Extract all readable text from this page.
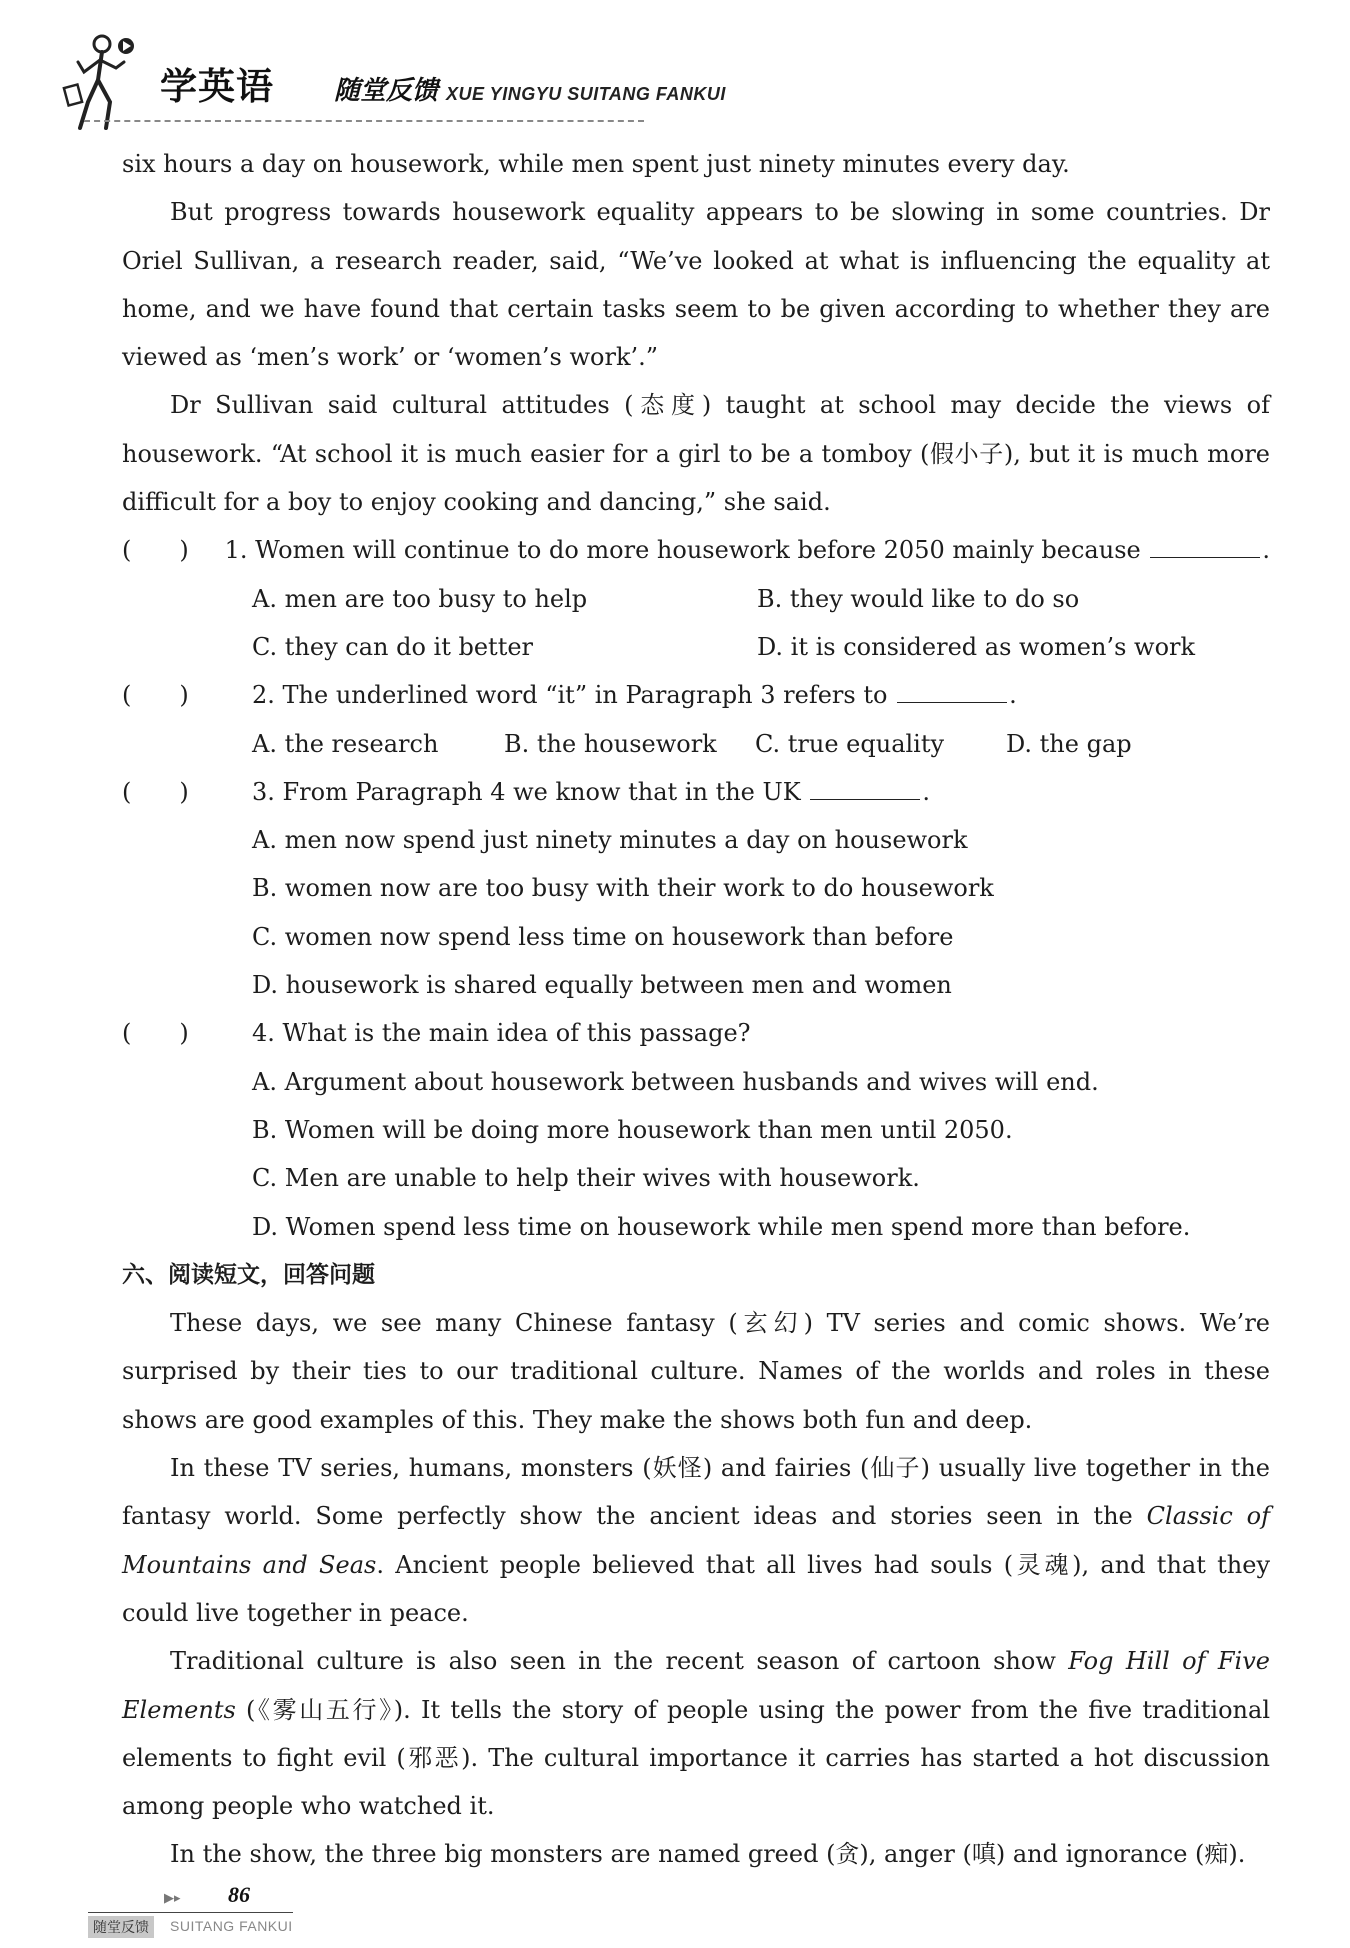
学英语 随堂反馈 XUE YINGYU SUITANG FANKUI

six hours a day on housework, while men spent just ninety minutes every day.

But progress towards housework equality appears to be slowing in some countries. Dr Oriel Sullivan, a research reader, said, “We’ve looked at what is influencing the equality at home, and we have found that certain tasks seem to be given according to whether they are viewed as ‘men’s work’ or ‘women’s work’.”

Dr Sullivan said cultural attitudes (态度) taught at school may decide the views of housework. “At school it is much easier for a girl to be a tomboy (假小子), but it is much more difficult for a boy to enjoy cooking and dancing,” she said.

(　　)	1. Women will continue to do more housework before 2050 mainly because	.

A. men are too busy to help	B. they would like to do so

C. they can do it better	D. it is considered as women’s work

(　　)	2. The underlined word “it” in Paragraph 3 refers to	.

A. the research	B. the housework	C. true equality	D. the gap

(　　)	3. From Paragraph 4 we know that in the UK	.

A. men now spend just ninety minutes a day on housework

B. women now are too busy with their work to do housework

C. women now spend less time on housework than before

D. housework is shared equally between men and women

(　　)	4. What is the main idea of this passage?

A. Argument about housework between husbands and wives will end.

B. Women will be doing more housework than men until 2050.

C. Men are unable to help their wives with housework.

D. Women spend less time on housework while men spend more than before.

六、阅读短文，回答问题

These days, we see many Chinese fantasy (玄幻) TV series and comic shows. We’re surprised by their ties to our traditional culture. Names of the worlds and roles in these shows are good examples of this. They make the shows both fun and deep.

In these TV series, humans, monsters (妖怪) and fairies (仙子) usually live together in the fantasy world. Some perfectly show the ancient ideas and stories seen in the Classic of Mountains and Seas. Ancient people believed that all lives had souls (灵魂), and that they could live together in peace.

Traditional culture is also seen in the recent season of cartoon show Fog Hill of Five Elements (《雾山五行》). It tells the story of people using the power from the five traditional elements to fight evil (邪恶). The cultural importance it carries has started a hot discussion among people who watched it.

In the show, the three big monsters are named greed (贪), anger (嗔) and ignorance (痴).

▶▸ 86
随堂反馈	SUITANG FANKUI
